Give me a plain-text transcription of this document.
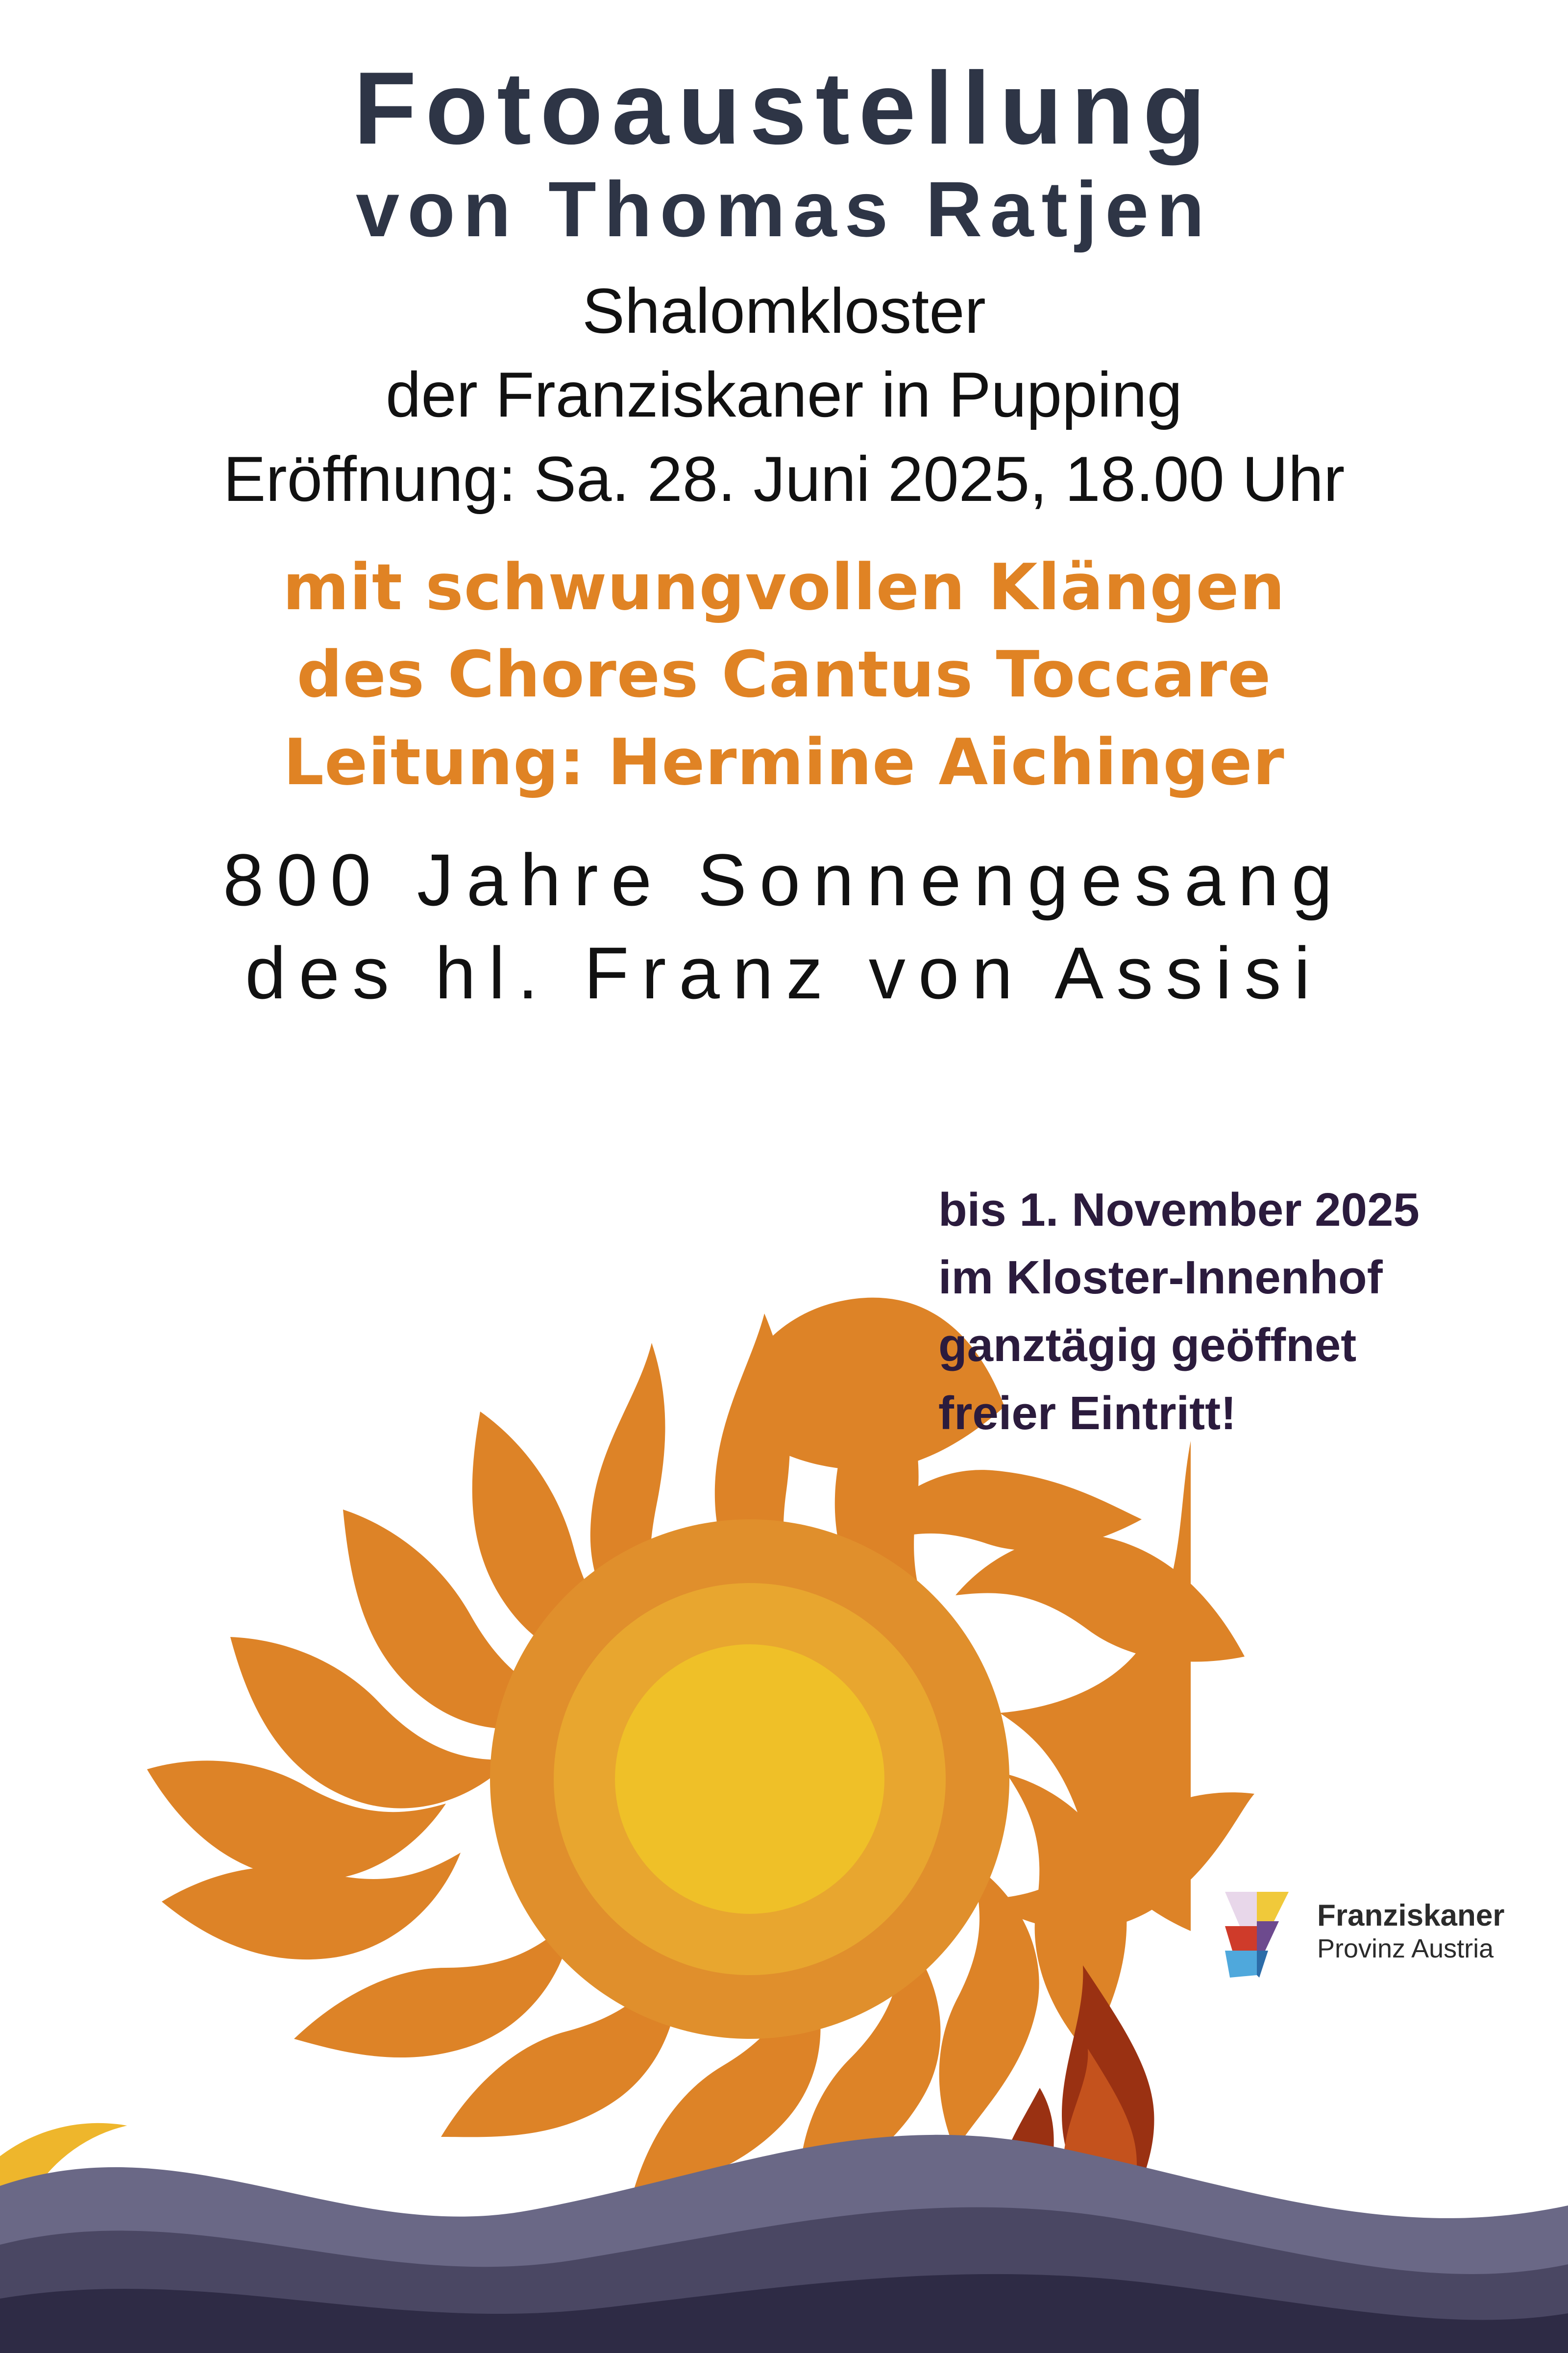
Fotoaustellung
von Thomas Ratjen
Shalomkloster
der Franziskaner in Pupping
Eröffnung: Sa. 28. Juni 2025, 18.00 Uhr
mit schwungvollen Klängen
des Chores Cantus Toccare
Leitung: Hermine Aichinger
800 Jahre Sonnengesang
des hl. Franz von Assisi
bis 1. November 2025
im Kloster-Innenhof
ganztägig geöffnet
freier Eintritt!
Franziskaner
Provinz Austria
